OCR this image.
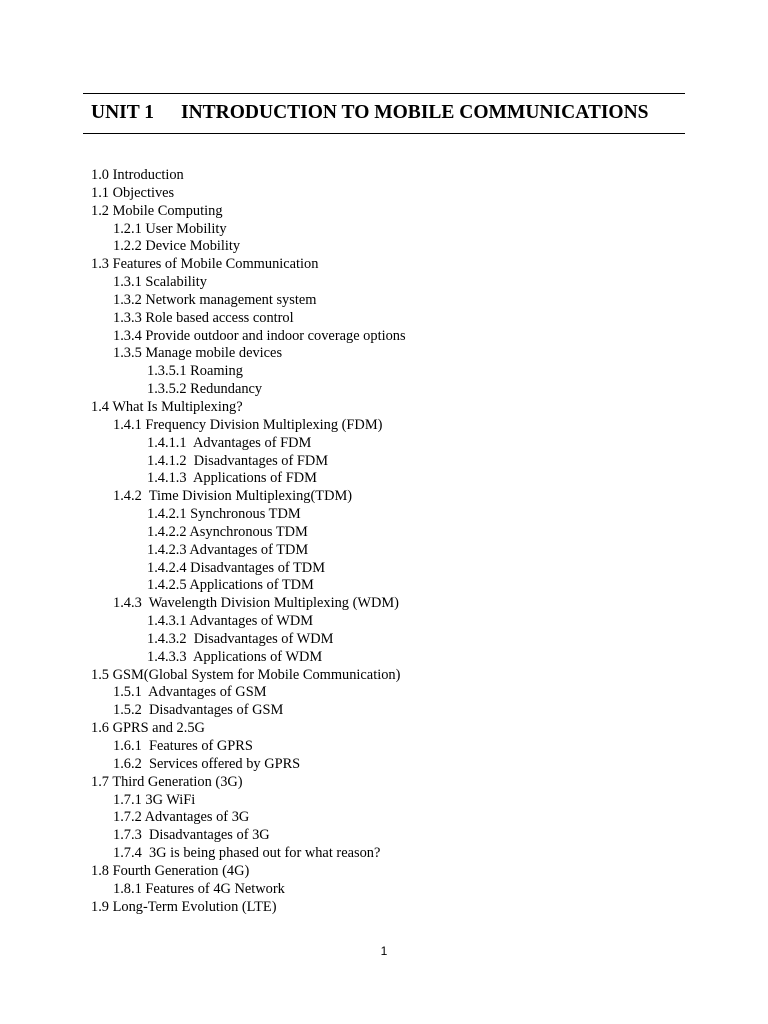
UNIT 1 INTRODUCTION TO MOBILE COMMUNICATIONS
1.0 Introduction
1.1 Objectives
1.2 Mobile Computing
1.2.1 User Mobility
1.2.2 Device Mobility
1.3 Features of Mobile Communication
1.3.1 Scalability
1.3.2 Network management system
1.3.3 Role based access control
1.3.4 Provide outdoor and indoor coverage options
1.3.5 Manage mobile devices
1.3.5.1 Roaming
1.3.5.2 Redundancy
1.4 What Is Multiplexing?
1.4.1 Frequency Division Multiplexing (FDM)
1.4.1.1  Advantages of FDM
1.4.1.2  Disadvantages of FDM
1.4.1.3  Applications of FDM
1.4.2  Time Division Multiplexing(TDM)
1.4.2.1 Synchronous TDM
1.4.2.2 Asynchronous TDM
1.4.2.3 Advantages of TDM
1.4.2.4 Disadvantages of TDM
1.4.2.5 Applications of TDM
1.4.3  Wavelength Division Multiplexing (WDM)
1.4.3.1 Advantages of WDM
1.4.3.2  Disadvantages of WDM
1.4.3.3  Applications of WDM
1.5 GSM(Global System for Mobile Communication)
1.5.1  Advantages of GSM
1.5.2  Disadvantages of GSM
1.6 GPRS and 2.5G
1.6.1  Features of GPRS
1.6.2  Services offered by GPRS
1.7 Third Generation (3G)
1.7.1 3G WiFi
1.7.2 Advantages of 3G
1.7.3  Disadvantages of 3G
1.7.4  3G is being phased out for what reason?
1.8 Fourth Generation (4G)
1.8.1 Features of 4G Network
1.9 Long-Term Evolution (LTE)
1
